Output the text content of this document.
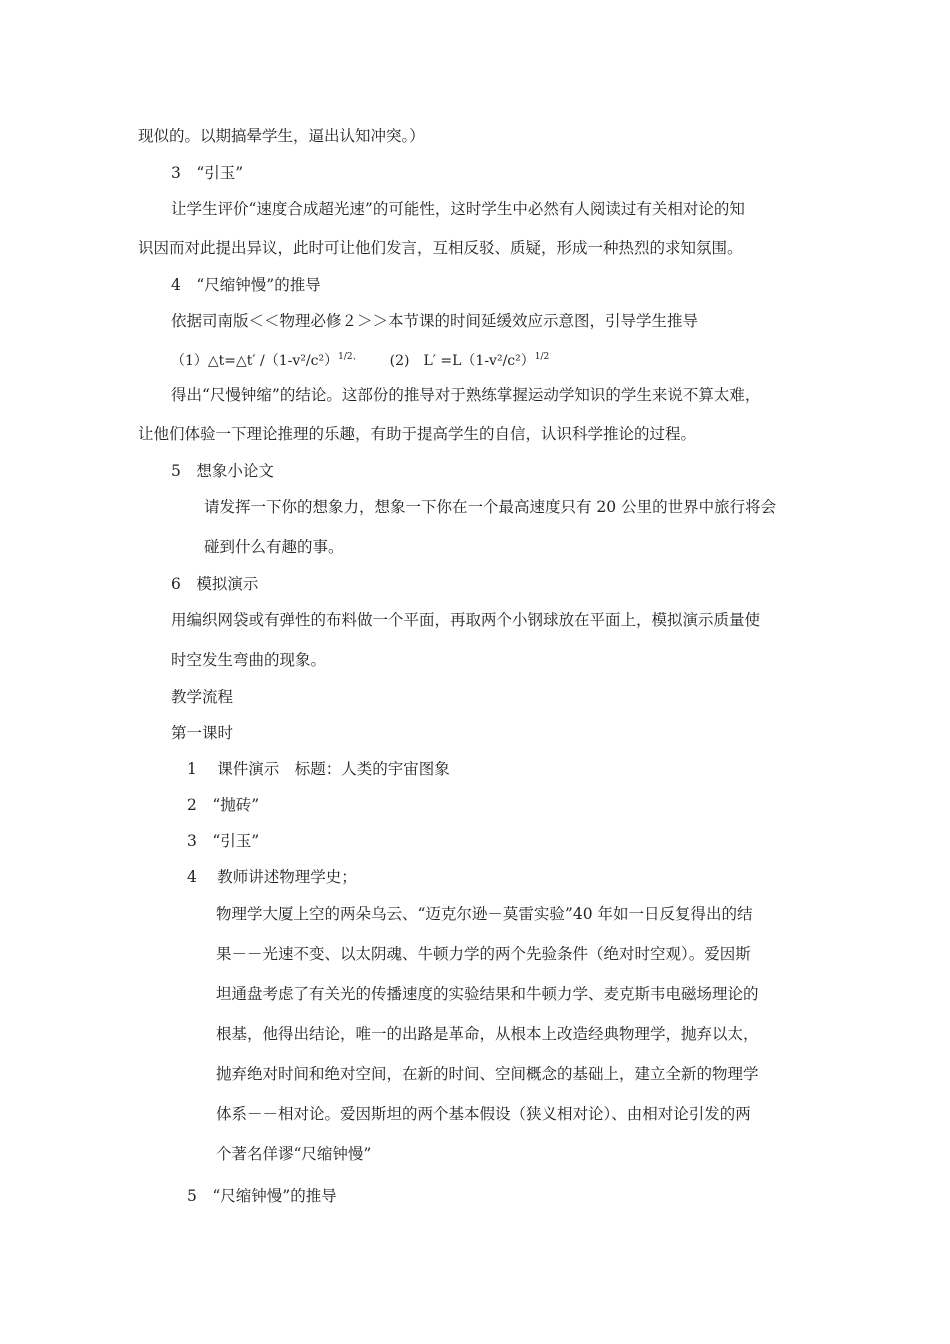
现似的。以期搞晕学生，逼出认知冲突。）
3　“引玉”
让学生评价“速度合成超光速”的可能性，这时学生中必然有人阅读过有关相对论的知
识因而对此提出异议，此时可让他们发言，互相反驳、质疑，形成一种热烈的求知氛围。
4　“尺缩钟慢”的推导
依据司南版＜＜物理必修２＞＞本节课的时间延缓效应示意图，引导学生推导
（1）△t=△t′ $/(1-v^2/c^2)^{1/2、}$ (2) $L' =L(1-v^2/c^2)^{1/2}$
得出“尺慢钟缩”的结论。这部份的推导对于熟练掌握运动学知识的学生来说不算太难，
让他们体验一下理论推理的乐趣，有助于提高学生的自信，认识科学推论的过程。
5　想象小论文
请发挥一下你的想象力，想象一下你在一个最高速度只有 20 公里的世界中旅行将会
碰到什么有趣的事。
6　模拟演示
用编织网袋或有弹性的布料做一个平面，再取两个小钢球放在平面上，模拟演示质量使
时空发生弯曲的现象。
教学流程
第一课时
1　 课件演示　标题：人类的宇宙图象
2　“抛砖”
3　“引玉”
4　 教师讲述物理学史；
物理学大厦上空的两朵乌云、“迈克尔逊－莫雷实验”40 年如一日反复得出的结
果－－光速不变、以太阴魂、牛顿力学的两个先验条件（绝对时空观）。爱因斯
坦通盘考虑了有关光的传播速度的实验结果和牛顿力学、麦克斯韦电磁场理论的
根基，他得出结论，唯一的出路是革命，从根本上改造经典物理学，抛弃以太，
抛弃绝对时间和绝对空间，在新的时间、空间概念的基础上，建立全新的物理学
体系－－相对论。爱因斯坦的两个基本假设（狭义相对论）、由相对论引发的两
个著名佯谬“尺缩钟慢”
5　“尺缩钟慢”的推导
